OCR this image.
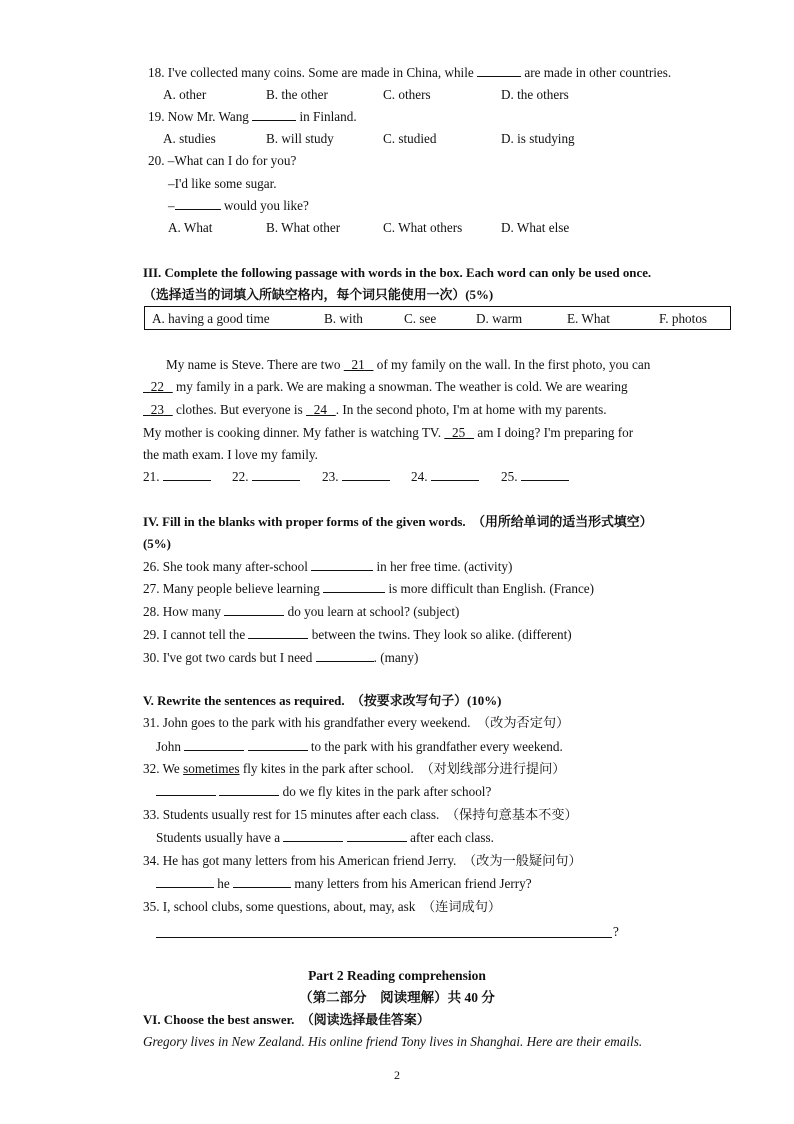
18. I've collected many coins. Some are made in China, while	are made in other countries.
A. other	B. the other	C. others	D. the others
19. Now Mr. Wang	in Finland.
A. studies	B. will study	C. studied	D. is studying
20. –What can I do for you?
–I'd like some sugar.
–	would you like?
A. What	B. What other	C. What others	D. What else
III. Complete the following passage with words in the box. Each word can only be used once.
（选择适当的词填入所缺空格内，每个词只能使用一次）(5%)
A. having a good time	B. with	C. see	D. warm	E. What	F. photos
My name is Steve. There are two        21         of my family on the wall. In the first photo, you can
       22         my family in a park. We are making a snowman. The weather is cold. We are wearing
       23         clothes. But everyone is        24         . In the second photo, I'm at home with my parents.
My mother is cooking dinner. My father is watching TV.        25         am I doing? I'm preparing for
the math exam. I love my family.
21.	22.	23.	24.	25.
IV. Fill in the blanks with proper forms of the given words. （用所给单词的适当形式填空）
(5%)
26. She took many after-school	in her free time. (activity)
27. Many people believe learning	is more difficult than English. (France)
28. How many	do you learn at school? (subject)
29. I cannot tell the	between the twins. They look so alike. (different)
30. I've got two cards but I need	. (many)
V. Rewrite the sentences as required. （按要求改写句子）(10%)
31. John goes to the park with his grandfather every weekend. （改为否定句）
John	to the park with his grandfather every weekend.
32. We sometimes fly kites in the park after school. （对划线部分进行提问）
do we fly kites in the park after school?
33. Students usually rest for 15 minutes after each class. （保持句意基本不变）
Students usually have a	after each class.
34. He has got many letters from his American friend Jerry. （改为一般疑问句）
he	many letters from his American friend Jerry?
35. I, school clubs, some questions, about, may, ask （连词成句）
?
Part 2 Reading comprehension
（第二部分　阅读理解）共 40 分
VI. Choose the best answer. （阅读选择最佳答案）
Gregory lives in New Zealand. His online friend Tony lives in Shanghai. Here are their emails.
2
